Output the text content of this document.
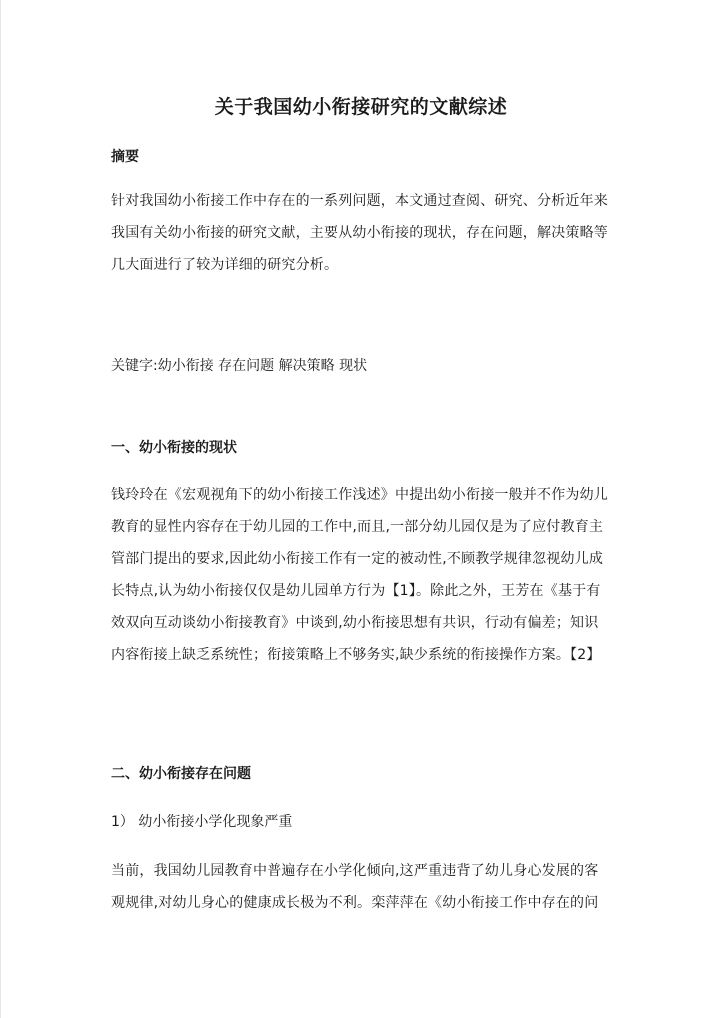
关于我国幼小衔接研究的文献综述
摘要
针对我国幼小衔接工作中存在的一系列问题，本文通过查阅、研究、分析近年来
我国有关幼小衔接的研究文献，主要从幼小衔接的现状，存在问题，解决策略等
几大面进行了较为详细的研究分析。
关键字:幼小衔接 存在问题 解决策略 现状
一、幼小衔接的现状
钱玲玲在《宏观视角下的幼小衔接工作浅述》中提出幼小衔接一般并不作为幼儿
教育的显性内容存在于幼儿园的工作中,而且,一部分幼儿园仅是为了应付教育主
管部门提出的要求,因此幼小衔接工作有一定的被动性,不顾教学规律忽视幼儿成
长特点,认为幼小衔接仅仅是幼儿园单方行为【1】。除此之外，王芳在《基于有
效双向互动谈幼小衔接教育》中谈到,幼小衔接思想有共识，行动有偏差；知识
内容衔接上缺乏系统性；衔接策略上不够务实,缺少系统的衔接操作方案。【2】
二、幼小衔接存在问题
1） 幼小衔接小学化现象严重
当前，我国幼儿园教育中普遍存在小学化倾向,这严重违背了幼儿身心发展的客
观规律,对幼儿身心的健康成长极为不利。栾萍萍在《幼小衔接工作中存在的问
